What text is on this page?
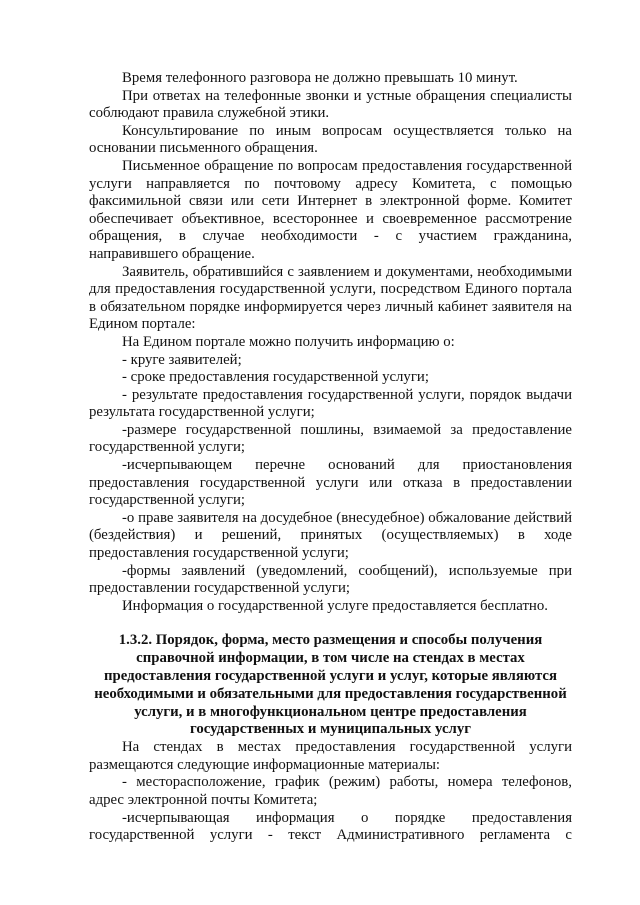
Время телефонного разговора не должно превышать 10 минут.

При ответах на телефонные звонки и устные обращения специалисты соблюдают правила служебной этики.

Консультирование по иным вопросам осуществляется только на основании письменного обращения.

Письменное обращение по вопросам предоставления государственной услуги направляется по почтовому адресу Комитета, с помощью факсимильной связи или сети Интернет в электронной форме. Комитет обеспечивает объективное, всестороннее и своевременное рассмотрение обращения, в случае необходимости - с участием гражданина, направившего обращение.

Заявитель, обратившийся с заявлением и документами, необходимыми для предоставления государственной услуги, посредством Единого портала в обязательном порядке информируется через личный кабинет заявителя на Едином портале:

На Едином портале можно получить информацию о:

- круге заявителей;

- сроке предоставления государственной услуги;

- результате предоставления государственной услуги, порядок выдачи результата государственной услуги;

-размере государственной пошлины, взимаемой за предоставление государственной услуги;

-исчерпывающем перечне оснований для приостановления предоставления государственной услуги или отказа в предоставлении государственной услуги;

-о праве заявителя на досудебное (внесудебное) обжалование действий (бездействия) и решений, принятых (осуществляемых) в ходе предоставления государственной услуги;

-формы заявлений (уведомлений, сообщений), используемые при предоставлении государственной услуги;

Информация о государственной услуге предоставляется бесплатно.

1.3.2. Порядок, форма, место размещения и способы получения справочной информации, в том числе на стендах в местах предоставления государственной услуги и услуг, которые являются необходимыми и обязательными для предоставления государственной услуги, и в многофункциональном центре предоставления государственных и муниципальных услуг

На стендах в местах предоставления государственной услуги размещаются следующие информационные материалы:

- месторасположение, график (режим) работы, номера телефонов, адрес электронной почты Комитета;

-исчерпывающая информация о порядке предоставления государственной услуги - текст Административного регламента с
